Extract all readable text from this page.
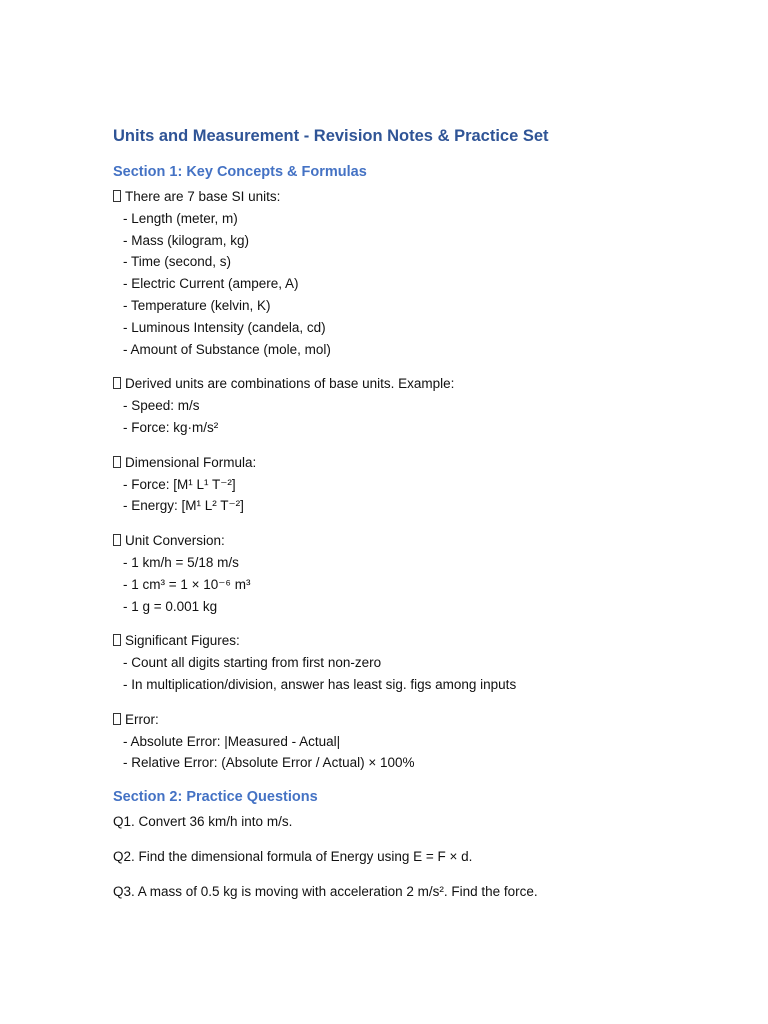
Units and Measurement - Revision Notes & Practice Set
Section 1: Key Concepts & Formulas
There are 7 base SI units:
- Length (meter, m)
- Mass (kilogram, kg)
- Time (second, s)
- Electric Current (ampere, A)
- Temperature (kelvin, K)
- Luminous Intensity (candela, cd)
- Amount of Substance (mole, mol)
Derived units are combinations of base units. Example:
- Speed: m/s
- Force: kg·m/s²
Dimensional Formula:
- Force: [M¹ L¹ T⁻²]
- Energy: [M¹ L² T⁻²]
Unit Conversion:
- 1 km/h = 5/18 m/s
- 1 cm³ = 1 × 10⁻⁶ m³
- 1 g = 0.001 kg
Significant Figures:
- Count all digits starting from first non-zero
- In multiplication/division, answer has least sig. figs among inputs
Error:
- Absolute Error: |Measured - Actual|
- Relative Error: (Absolute Error / Actual) × 100%
Section 2: Practice Questions
Q1. Convert 36 km/h into m/s.
Q2. Find the dimensional formula of Energy using E = F × d.
Q3. A mass of 0.5 kg is moving with acceleration 2 m/s². Find the force.
